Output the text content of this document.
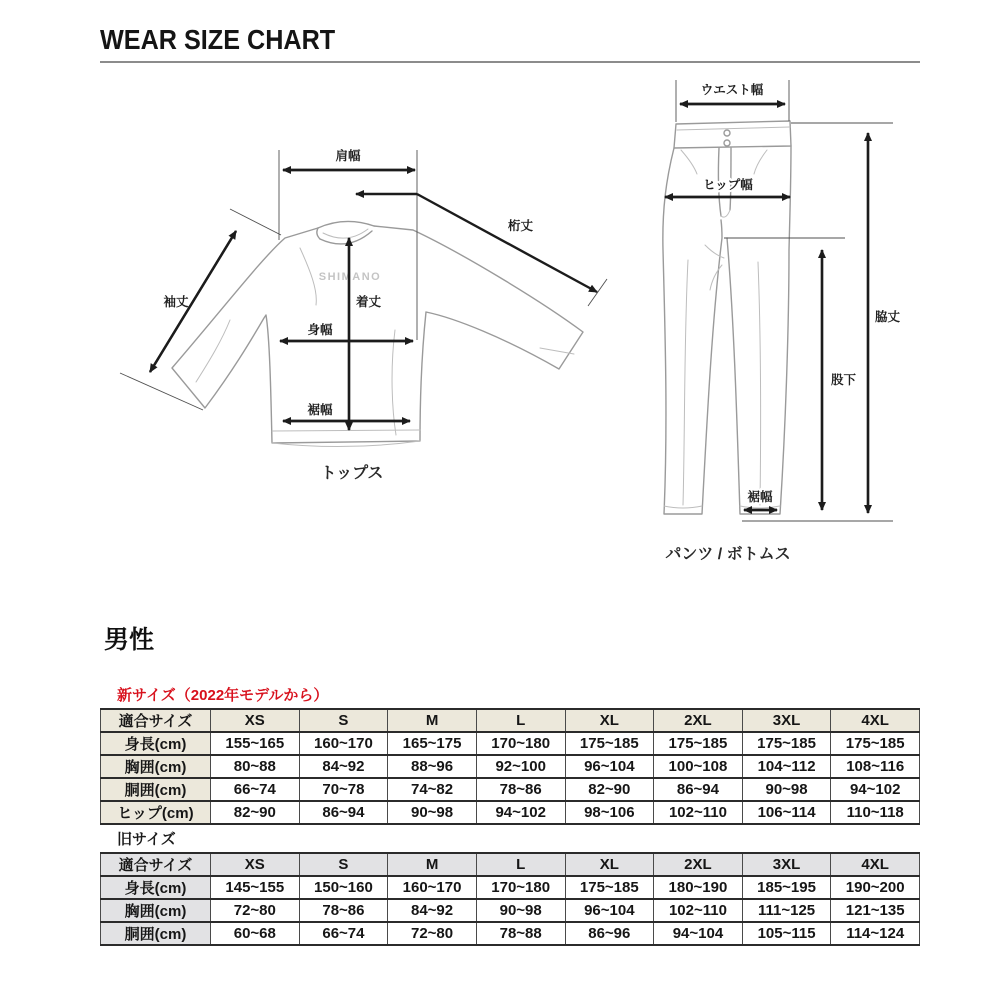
WEAR SIZE CHART
SHIMANO
肩幅
桁丈
袖丈	着丈
身幅
裾幅
トップス
ウエスト幅
ヒップ幅
股下
脇丈
裾幅
パンツ / ボトムス
男性
新サイズ（2022年モデルから）
適合サイズ	XS	S	M	L	XL	2XL	3XL	4XL
身長(cm)	155~165	160~170	165~175	170~180	175~185	175~185	175~185	175~185
胸囲(cm)	80~88	84~92	88~96	92~100	96~104	100~108	104~112	108~116
胴囲(cm)	66~74	70~78	74~82	78~86	82~90	86~94	90~98	94~102
ヒップ(cm)	82~90	86~94	90~98	94~102	98~106	102~110	106~114	110~118
旧サイズ
適合サイズ	XS	S	M	L	XL	2XL	3XL	4XL
身長(cm)	145~155	150~160	160~170	170~180	175~185	180~190	185~195	190~200
胸囲(cm)	72~80	78~86	84~92	90~98	96~104	102~110	111~125	121~135
胴囲(cm)	60~68	66~74	72~80	78~88	86~96	94~104	105~115	114~124
